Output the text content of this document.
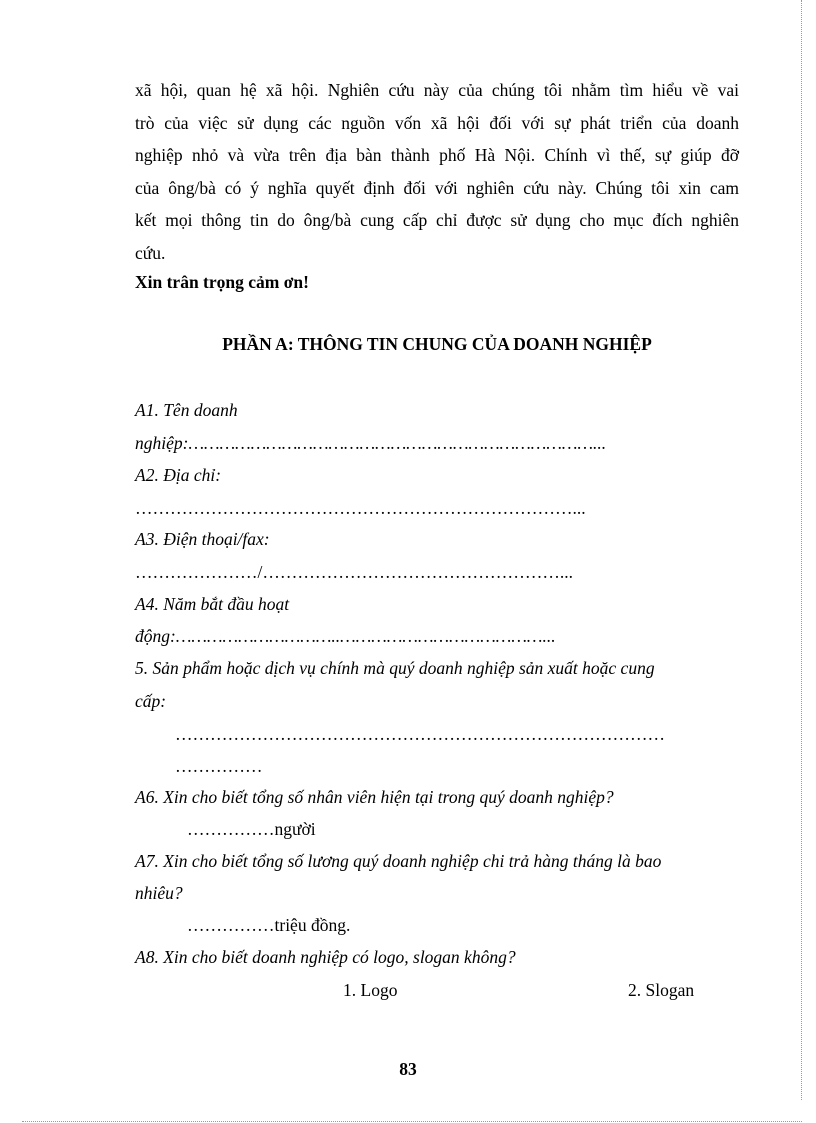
xã hội, quan hệ xã hội. Nghiên cứu này của chúng tôi nhằm tìm hiểu về vai

trò của việc sử dụng các nguồn vốn xã hội đối với sự phát triển của doanh

nghiệp nhỏ và vừa trên địa bàn thành phố Hà Nội. Chính vì thế, sự giúp đỡ

của ông/bà có ý nghĩa quyết định đối với nghiên cứu này. Chúng tôi xin cam

kết mọi thông tin do ông/bà cung cấp chỉ được sử dụng cho mục đích nghiên

cứu.

Xin trân trọng cảm ơn!
PHẦN A: THÔNG TIN CHUNG CỦA DOANH NGHIỆP
A1. Tên doanh
nghiệp:……………………………………………………………………...
A2. Địa chỉ:
…………………………………………………………………...
A3. Điện thoại/fax:
…………………/……………………………………………...
A4. Năm bắt đầu hoạt
động:…………………………..…………………………………...
5. Sản phẩm hoặc dịch vụ chính mà quý doanh nghiệp sản xuất hoặc cung
cấp:
…………………………………………………………………………
……………
A6. Xin cho biết tổng số nhân viên hiện tại trong quý doanh nghiệp?
……………người
A7. Xin cho biết tổng số lương quý doanh nghiệp chi trả hàng tháng là bao
nhiêu?
……………triệu đồng.
A8. Xin cho biết doanh nghiệp có logo, slogan không?
1. Logo	2. Slogan
83
